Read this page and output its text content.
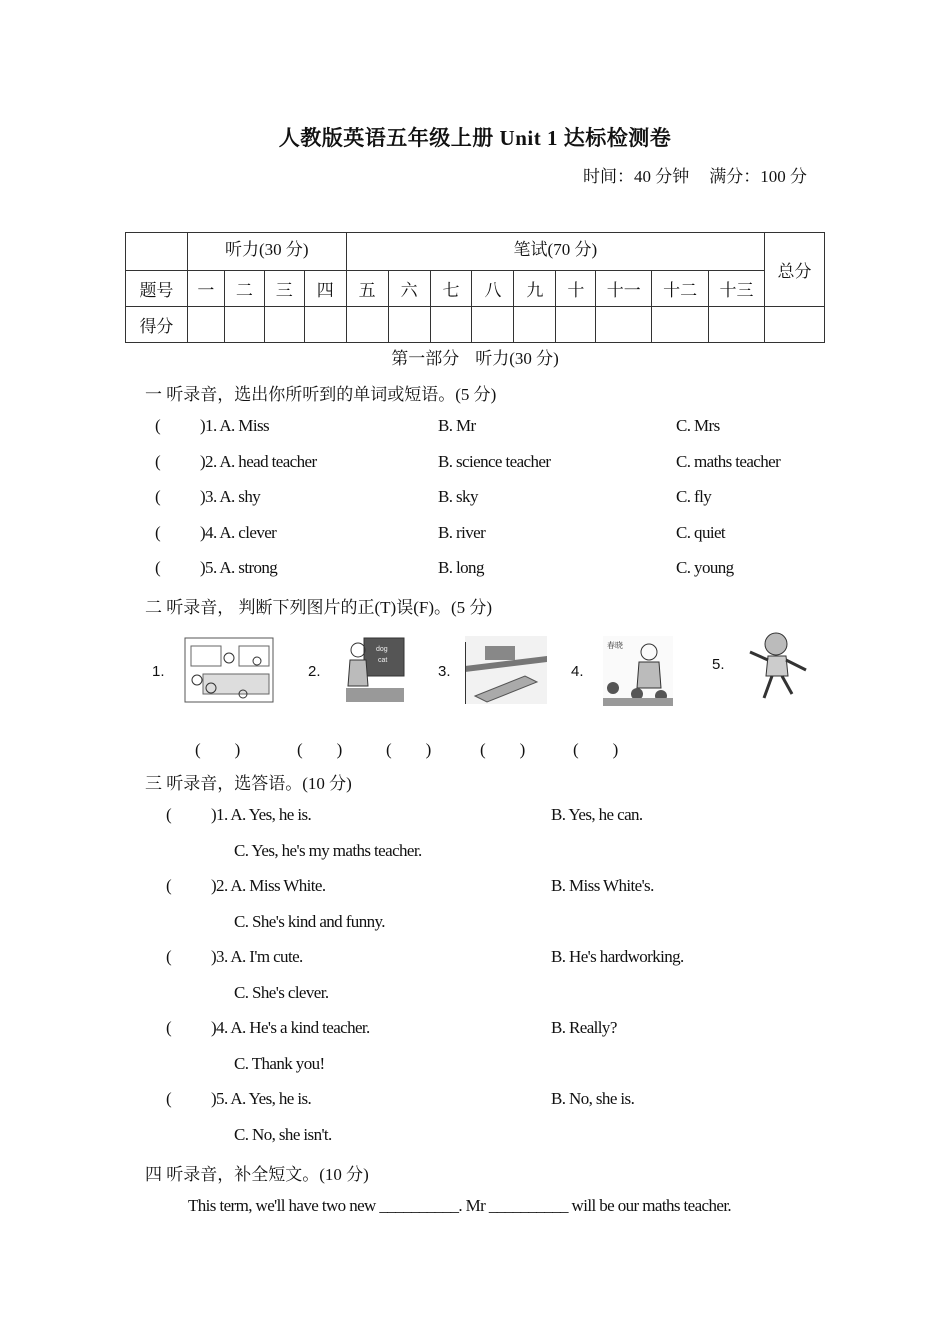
人教版英语五年级上册 Unit 1 达标检测卷
时间：40 分钟 满分：100 分
	听力(30 分)				笔试(70 分)									总分
题号	一	二	三	四	五	六	七	八	九	十	十一	十二	十三	
得分														
第一部分 听力(30 分)
一 听录音，选出你所听到的单词或短语。(5 分)
( )1. A. Miss	B. Mr	C. Mrs
( )2. A. head teacher	B. science teacher	C. maths teacher
( )3. A. shy	B. sky	C. fly
( )4. A. clever	B. river	C. quiet
( )5. A. strong	B. long	C. young
二 听录音， 判断下列图片的正(T)误(F)。(5 分)
1.	2.
dog
cat
3.	4.
春晓
5.
(　　)	(　　)	(　　)	(　　)	(　　)
三 听录音，选答语。(10 分)
( )1. A. Yes, he is.	B. Yes, he can.
C. Yes, he's my maths teacher.
( )2. A. Miss White.	B. Miss White's.
C. She's kind and funny.
( )3. A. I'm cute.	B. He's hardworking.
C. She's clever.
( )4. A. He's a kind teacher.	B. Really?
C. Thank you!
( )5. A. Yes, he is.	B. No, she is.
C. No, she isn't.
四 听录音，补全短文。(10 分)
This term, we'll have two new __________. Mr __________ will be our maths teacher.
